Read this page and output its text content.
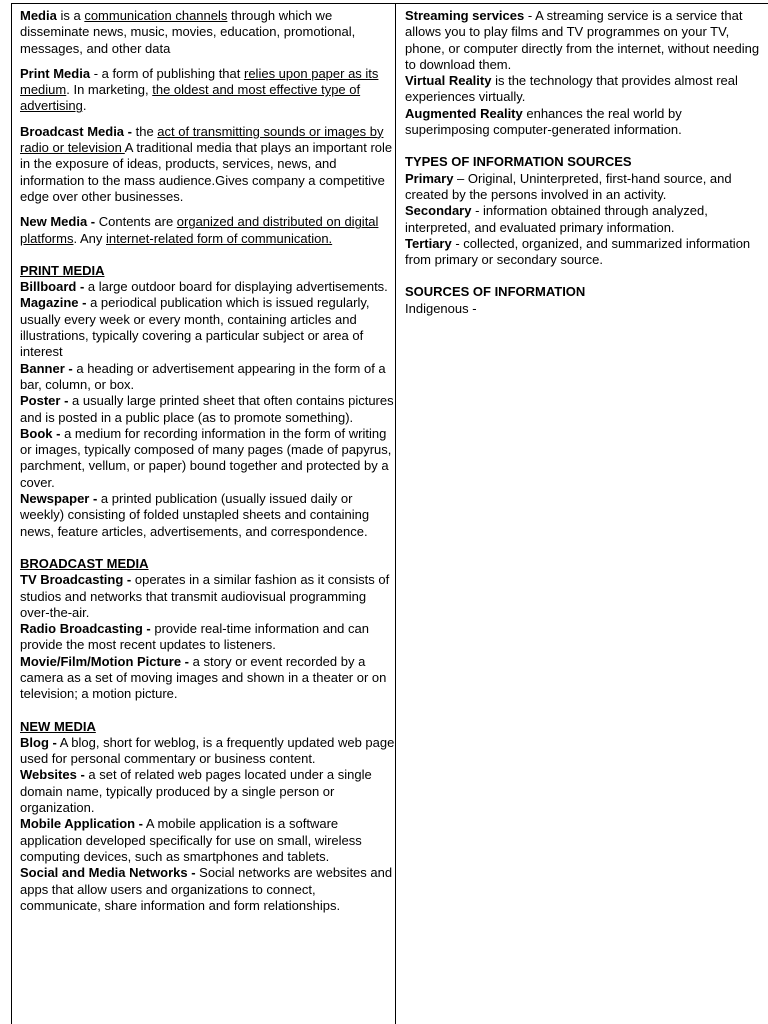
Media is a communication channels through which we disseminate news, music, movies, education, promotional, messages, and other data

Print Media - a form of publishing that relies upon paper as its medium. In marketing, the oldest and most effective type of advertising.

Broadcast Media - the act of transmitting sounds or images by radio or television A traditional media that plays an important role in the exposure of ideas, products, services, news, and information to the mass audience.Gives company a competitive edge over other businesses.

New Media - Contents are organized and distributed on digital platforms. Any internet-related form of communication.

PRINT MEDIA

Billboard - a large outdoor board for displaying advertisements.

Magazine - a periodical publication which is issued regularly, usually every week or every month, containing articles and illustrations, typically covering a particular subject or area of interest

Banner - a heading or advertisement appearing in the form of a bar, column, or box.

Poster - a usually large printed sheet that often contains pictures and is posted in a public place (as to promote something).

Book - a medium for recording information in the form of writing or images, typically composed of many pages (made of papyrus, parchment, vellum, or paper) bound together and protected by a cover.

Newspaper - a printed publication (usually issued daily or weekly) consisting of folded unstapled sheets and containing news, feature articles, advertisements, and correspondence.

BROADCAST MEDIA

TV Broadcasting - operates in a similar fashion as it consists of studios and networks that transmit audiovisual programming over-the-air.

Radio Broadcasting - provide real-time information and can provide the most recent updates to listeners.

Movie/Film/Motion Picture - a story or event recorded by a camera as a set of moving images and shown in a theater or on television; a motion picture.

NEW MEDIA

Blog - A blog, short for weblog, is a frequently updated web page used for personal commentary or business content.

Websites - a set of related web pages located under a single domain name, typically produced by a single person or organization.

Mobile Application - A mobile application is a software application developed specifically for use on small, wireless computing devices, such as smartphones and tablets.

Social and Media Networks - Social networks are websites and apps that allow users and organizations to connect, communicate, share information and form relationships.

Streaming services - A streaming service is a service that

allows you to play films and TV programmes on your TV,

phone, or computer directly from the internet, without needing

to download them.

Virtual Reality is the technology that provides almost real

experiences virtually.

Augmented Reality enhances the real world by

superimposing computer-generated information.

TYPES OF INFORMATION SOURCES

Primary – Original, Uninterpreted, first-hand source, and

created by the persons involved in an activity.

Secondary - information obtained through analyzed,

interpreted, and evaluated primary information.

Tertiary - collected, organized, and summarized information

from primary or secondary source.

SOURCES OF INFORMATION

Indigenous -
